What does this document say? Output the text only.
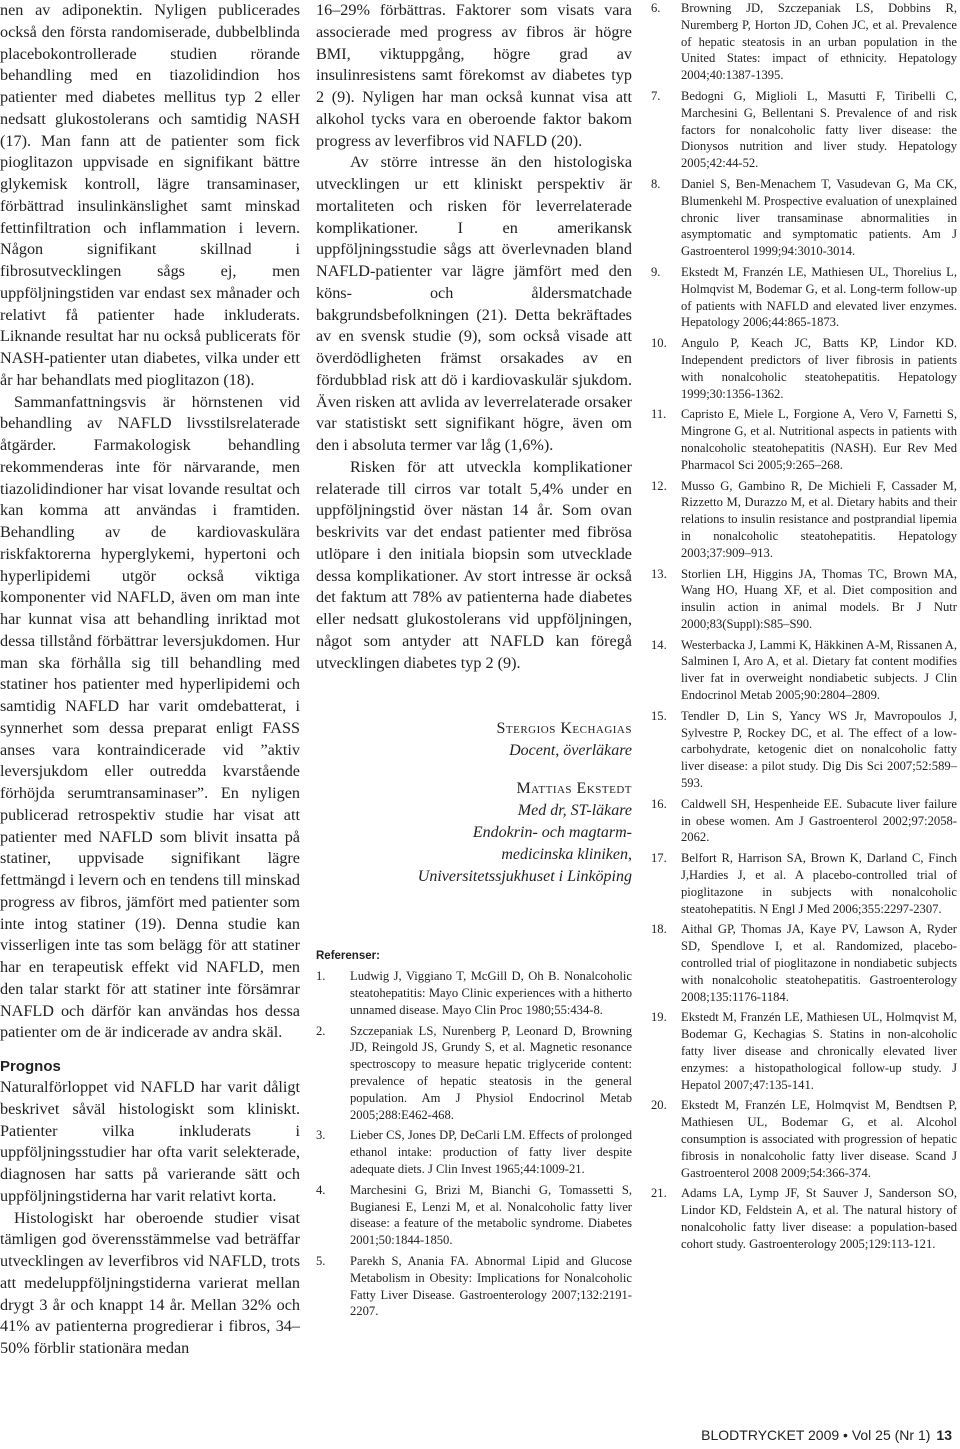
nen av adiponektin. Nyligen publicerades också den första randomiserade, dubbelblinda placebokontrollerade studien rörande behandling med en tiazolidindion hos patienter med diabetes mellitus typ 2 eller nedsatt glukostolerans och samtidig NASH (17). Man fann att de patienter som fick pioglitazon uppvisade en signifikant bättre glykemisk kontroll, lägre transaminaser, förbättrad insulinkänslighet samt minskad fettinfiltration och inflammation i levern. Någon signifikant skillnad i fibrosutvecklingen sågs ej, men uppföljningstiden var endast sex månader och relativt få patienter hade inkluderats. Liknande resultat har nu också publicerats för NASH-patienter utan diabetes, vilka under ett år har behandlats med pioglitazon (18).

Sammanfattningsvis är hörnstenen vid behandling av NAFLD livsstilsrelaterade åtgärder. Farmakologisk behandling rekommenderas inte för närvarande, men tiazolidindioner har visat lovande resultat och kan komma att användas i framtiden. Behandling av de kardiovaskulära riskfaktorerna hyperglykemi, hypertoni och hyperlipidemi utgör också viktiga komponenter vid NAFLD, även om man inte har kunnat visa att behandling inriktad mot dessa tillstånd förbättrar leversjukdomen. Hur man ska förhålla sig till behandling med statiner hos patienter med hyperlipidemi och samtidig NAFLD har varit omdebatterat, i synnerhet som dessa preparat enligt FASS anses vara kontraindicerade vid ”aktiv leversjukdom eller outredda kvarstående förhöjda serumtransaminaser”. En nyligen publicerad retrospektiv studie har visat att patienter med NAFLD som blivit insatta på statiner, uppvisade signifikant lägre fettmängd i levern och en tendens till minskad progress av fibros, jämfört med patienter som inte intog statiner (19). Denna studie kan visserligen inte tas som belägg för att statiner har en terapeutisk effekt vid NAFLD, men den talar starkt för att statiner inte försämrar NAFLD och därför kan användas hos dessa patienter om de är indicerade av andra skäl.

Prognos

Naturalförloppet vid NAFLD har varit dåligt beskrivet såväl histologiskt som kliniskt. Patienter vilka inkluderats i uppföljningsstudier har ofta varit selekterade, diagnosen har satts på varierande sätt och uppföljningstiderna har varit relativt korta.

Histologiskt har oberoende studier visat tämligen god överensstämmelse vad beträffar utvecklingen av leverfibros vid NAFLD, trots att medeluppföljningstiderna varierat mellan drygt 3 år och knappt 14 år. Mellan 32% och 41% av patienterna progredierar i fibros, 34–50% förblir stationära medan

16–29% förbättras. Faktorer som visats vara associerade med progress av fibros är högre BMI, viktuppgång, högre grad av insulinresistens samt förekomst av diabetes typ 2 (9). Nyligen har man också kunnat visa att alkohol tycks vara en oberoende faktor bakom progress av leverfibros vid NAFLD (20).

Av större intresse än den histologiska utvecklingen ur ett kliniskt perspektiv är mortaliteten och risken för leverrelaterade komplikationer. I en amerikansk uppföljningsstudie sågs att överlevnaden bland NAFLD-patienter var lägre jämfört med den köns- och åldersmatchade bakgrundsbefolkningen (21). Detta bekräftades av en svensk studie (9), som också visade att överdödligheten främst orsakades av en fördubblad risk att dö i kardiovaskulär sjukdom. Även risken att avlida av leverrelaterade orsaker var statistiskt sett signifikant högre, även om den i absoluta termer var låg (1,6%).

Risken för att utveckla komplikationer relaterade till cirros var totalt 5,4% under en uppföljningstid över nästan 14 år. Som ovan beskrivits var det endast patienter med fibrösa utlöpare i den initiala biopsin som utvecklade dessa komplikationer. Av stort intresse är också det faktum att 78% av patienterna hade diabetes eller nedsatt glukostolerans vid uppföljningen, något som antyder att NAFLD kan föregå utvecklingen diabetes typ 2 (9).

Stergios Kechagias
Docent, överläkare
Mattias Ekstedt
Med dr, ST-läkare
Endokrin- och magtarm-
medicinska kliniken,
Universitetssjukhuset i Linköping
Referenser:
1.	Ludwig J, Viggiano T, McGill D, Oh B. Nonalcoholic steatohepatitis: Mayo Clinic experiences with a hitherto unnamed disease. Mayo Clin Proc 1980;55:434-8.
2.	Szczepaniak LS, Nurenberg P, Leonard D, Browning JD, Reingold JS, Grundy S, et al. Magnetic resonance spectroscopy to measure hepatic triglyceride content: prevalence of hepatic steatosis in the general population. Am J Physiol Endocrinol Metab 2005;288:E462-468.
3.	Lieber CS, Jones DP, DeCarli LM. Effects of prolonged ethanol intake: production of fatty liver despite adequate diets. J Clin Invest 1965;44:1009-21.
4.	Marchesini G, Brizi M, Bianchi G, Tomassetti S, Bugianesi E, Lenzi M, et al. Nonalcoholic fatty liver disease: a feature of the metabolic syndrome. Diabetes 2001;50:1844-1850.
5.	Parekh S, Anania FA. Abnormal Lipid and Glucose Metabolism in Obesity: Implications for Nonalcoholic Fatty Liver Disease. Gastroenterology 2007;132:2191-2207.
6.	Browning JD, Szczepaniak LS, Dobbins R, Nuremberg P, Horton JD, Cohen JC, et al. Prevalence of hepatic steatosis in an urban population in the United States: impact of ethnicity. Hepatology 2004;40:1387-1395.
7.	Bedogni G, Miglioli L, Masutti F, Tiribelli C, Marchesini G, Bellentani S. Prevalence of and risk factors for nonalcoholic fatty liver disease: the Dionysos nutrition and liver study. Hepatology 2005;42:44-52.
8.	Daniel S, Ben-Menachem T, Vasudevan G, Ma CK, Blumenkehl M. Prospective evaluation of unexplained chronic liver transaminase abnormalities in asymptomatic and symptomatic patients. Am J Gastroenterol 1999;94:3010-3014.
9.	Ekstedt M, Franzén LE, Mathiesen UL, Thorelius L, Holmqvist M, Bodemar G, et al. Long-term follow-up of patients with NAFLD and elevated liver enzymes. Hepatology 2006;44:865-1873.
10.	Angulo P, Keach JC, Batts KP, Lindor KD. Independent predictors of liver fibrosis in patients with nonalcoholic steatohepatitis. Hepatology 1999;30:1356-1362.
11.	Capristo E, Miele L, Forgione A, Vero V, Farnetti S, Mingrone G, et al. Nutritional aspects in patients with nonalcoholic steatohepatitis (NASH). Eur Rev Med Pharmacol Sci 2005;9:265–268.
12.	Musso G, Gambino R, De Michieli F, Cassader M, Rizzetto M, Durazzo M, et al. Dietary habits and their relations to insulin resistance and postprandial lipemia in nonalcoholic steatohepatitis. Hepatology 2003;37:909–913.
13.	Storlien LH, Higgins JA, Thomas TC, Brown MA, Wang HO, Huang XF, et al. Diet composition and insulin action in animal models. Br J Nutr 2000;83(Suppl):S85–S90.
14.	Westerbacka J, Lammi K, Häkkinen A-M, Rissanen A, Salminen I, Aro A, et al. Dietary fat content modifies liver fat in overweight nondiabetic subjects. J Clin Endocrinol Metab 2005;90:2804–2809.
15.	Tendler D, Lin S, Yancy WS Jr, Mavropoulos J, Sylvestre P, Rockey DC, et al. The effect of a low-carbohydrate, ketogenic diet on nonalcoholic fatty liver disease: a pilot study. Dig Dis Sci 2007;52:589–593.
16.	Caldwell SH, Hespenheide EE. Subacute liver failure in obese women. Am J Gastroenterol 2002;97:2058-2062.
17.	Belfort R, Harrison SA, Brown K, Darland C, Finch J,Hardies J, et al. A placebo-controlled trial of pioglitazone in subjects with nonalcoholic steatohepatitis. N Engl J Med 2006;355:2297-2307.
18.	Aithal GP, Thomas JA, Kaye PV, Lawson A, Ryder SD, Spendlove I, et al. Randomized, placebo-controlled trial of pioglitazone in nondiabetic subjects with nonalcoholic steatohepatitis. Gastroenterology 2008;135:1176-1184.
19.	Ekstedt M, Franzén LE, Mathiesen UL, Holmqvist M, Bodemar G, Kechagias S. Statins in non-alcoholic fatty liver disease and chronically elevated liver enzymes: a histopathological follow-up study. J Hepatol 2007;47:135-141.
20.	Ekstedt M, Franzén LE, Holmqvist M, Bendtsen P, Mathiesen UL, Bodemar G, et al. Alcohol consumption is associated with progression of hepatic fibrosis in nonalcoholic fatty liver disease. Scand J Gastroenterol 2008 2009;54:366-374.
21.	Adams LA, Lymp JF, St Sauver J, Sanderson SO, Lindor KD, Feldstein A, et al. The natural history of nonalcoholic fatty liver disease: a population-based cohort study. Gastroenterology 2005;129:113-121.
BLODTRYCKET 2009 • Vol 25 (Nr 1) 13
